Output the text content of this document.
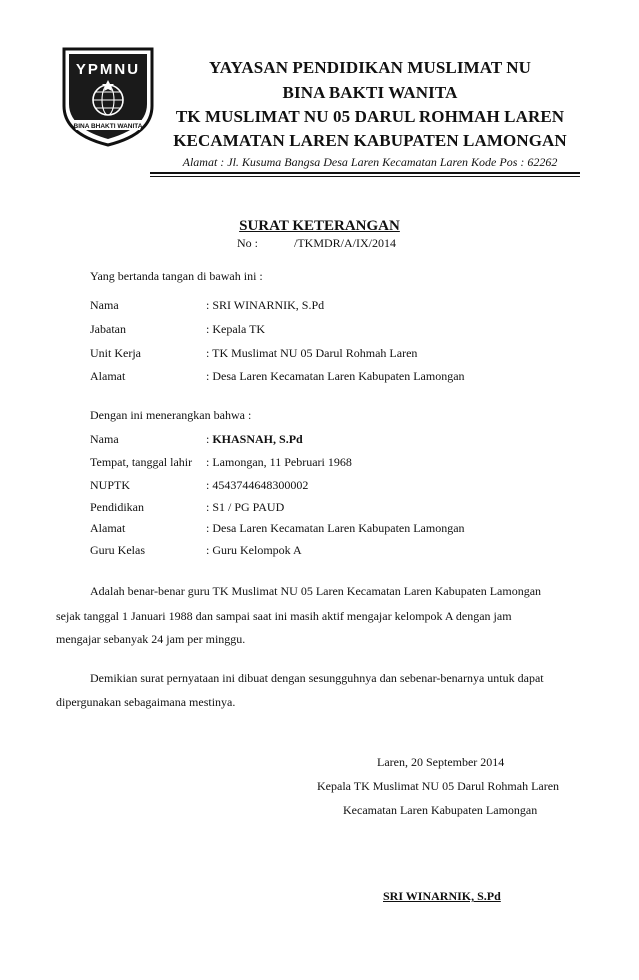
YPMNU
BINA BHAKTI WANITA
YAYASAN PENDIDIKAN MUSLIMAT NU
BINA BAKTI WANITA
TK MUSLIMAT NU 05 DARUL ROHMAH LAREN
KECAMATAN LAREN KABUPATEN LAMONGAN
Alamat : Jl. Kusuma Bangsa Desa Laren Kecamatan Laren Kode Pos : 62262
SURAT KETERANGAN
No :	/TKMDR/A/IX/2014
Yang bertanda tangan di bawah ini :
Nama	: SRI WINARNIK, S.Pd
Jabatan	: Kepala TK
Unit Kerja	: TK Muslimat NU 05 Darul Rohmah Laren
Alamat	: Desa Laren Kecamatan Laren Kabupaten Lamongan
Dengan ini menerangkan bahwa :
Nama	: KHASNAH, S.Pd
Tempat, tanggal lahir : Lamongan, 11 Pebruari 1968
NUPTK	: 4543744648300002
Pendidikan	: S1 / PG PAUD
Alamat	: Desa Laren Kecamatan Laren Kabupaten Lamongan
Guru Kelas	: Guru Kelompok A
Adalah benar-benar guru TK Muslimat NU 05 Laren Kecamatan Laren Kabupaten Lamongan
sejak tanggal 1 Januari 1988 dan sampai saat ini masih aktif mengajar kelompok A dengan jam
mengajar sebanyak 24 jam per minggu.
Demikian surat pernyataan ini dibuat dengan sesungguhnya dan sebenar-benarnya untuk dapat
dipergunakan sebagaimana mestinya.
Laren, 20 September 2014
Kepala TK Muslimat NU 05 Darul Rohmah Laren
Kecamatan Laren Kabupaten Lamongan
SRI WINARNIK, S.Pd
